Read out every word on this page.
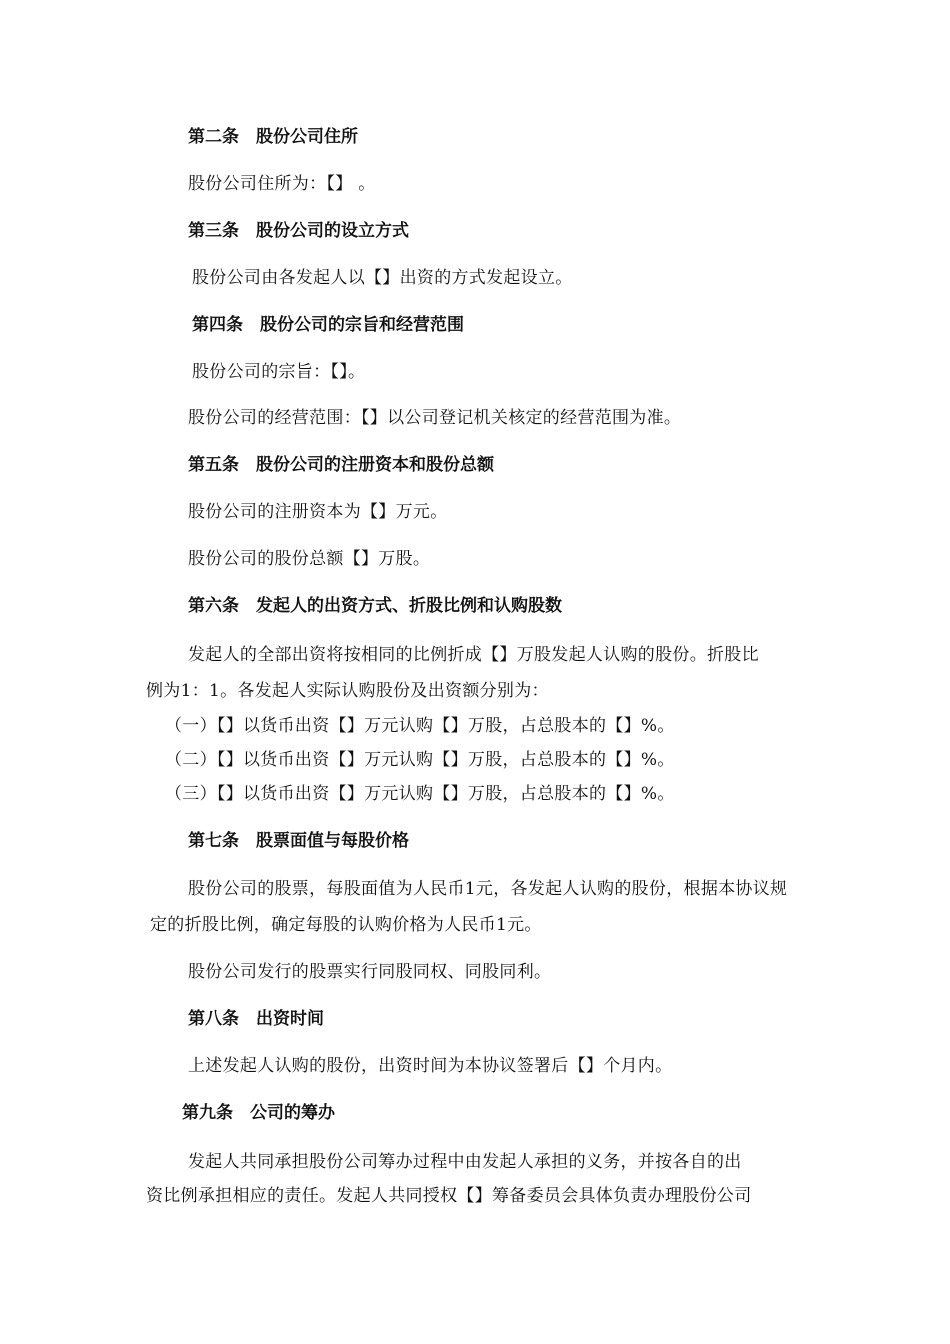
第二条　股份公司住所
股份公司住所为：【】 。
第三条　股份公司的设立方式
股份公司由各发起人以【】出资的方式发起设立。
第四条　股份公司的宗旨和经营范围
股份公司的宗旨：【】。
股份公司的经营范围：【】以公司登记机关核定的经营范围为准。
第五条　股份公司的注册资本和股份总额
股份公司的注册资本为【】万元。
股份公司的股份总额【】万股。
第六条　发起人的出资方式、折股比例和认购股数
发起人的全部出资将按相同的比例折成【】万股发起人认购的股份。折股比
例为1：1。各发起人实际认购股份及出资额分别为：
（一）【】以货币出资【】万元认购【】万股，占总股本的【】%。
（二）【】以货币出资【】万元认购【】万股，占总股本的【】%。
（三）【】以货币出资【】万元认购【】万股，占总股本的【】%。
第七条　股票面值与每股价格
股份公司的股票，每股面值为人民币1元，各发起人认购的股份，根据本协议规
定的折股比例，确定每股的认购价格为人民币1元。
股份公司发行的股票实行同股同权、同股同利。
第八条　出资时间
上述发起人认购的股份，出资时间为本协议签署后【】个月内。
第九条　公司的筹办
发起人共同承担股份公司筹办过程中由发起人承担的义务，并按各自的出
资比例承担相应的责任。发起人共同授权【】筹备委员会具体负责办理股份公司
